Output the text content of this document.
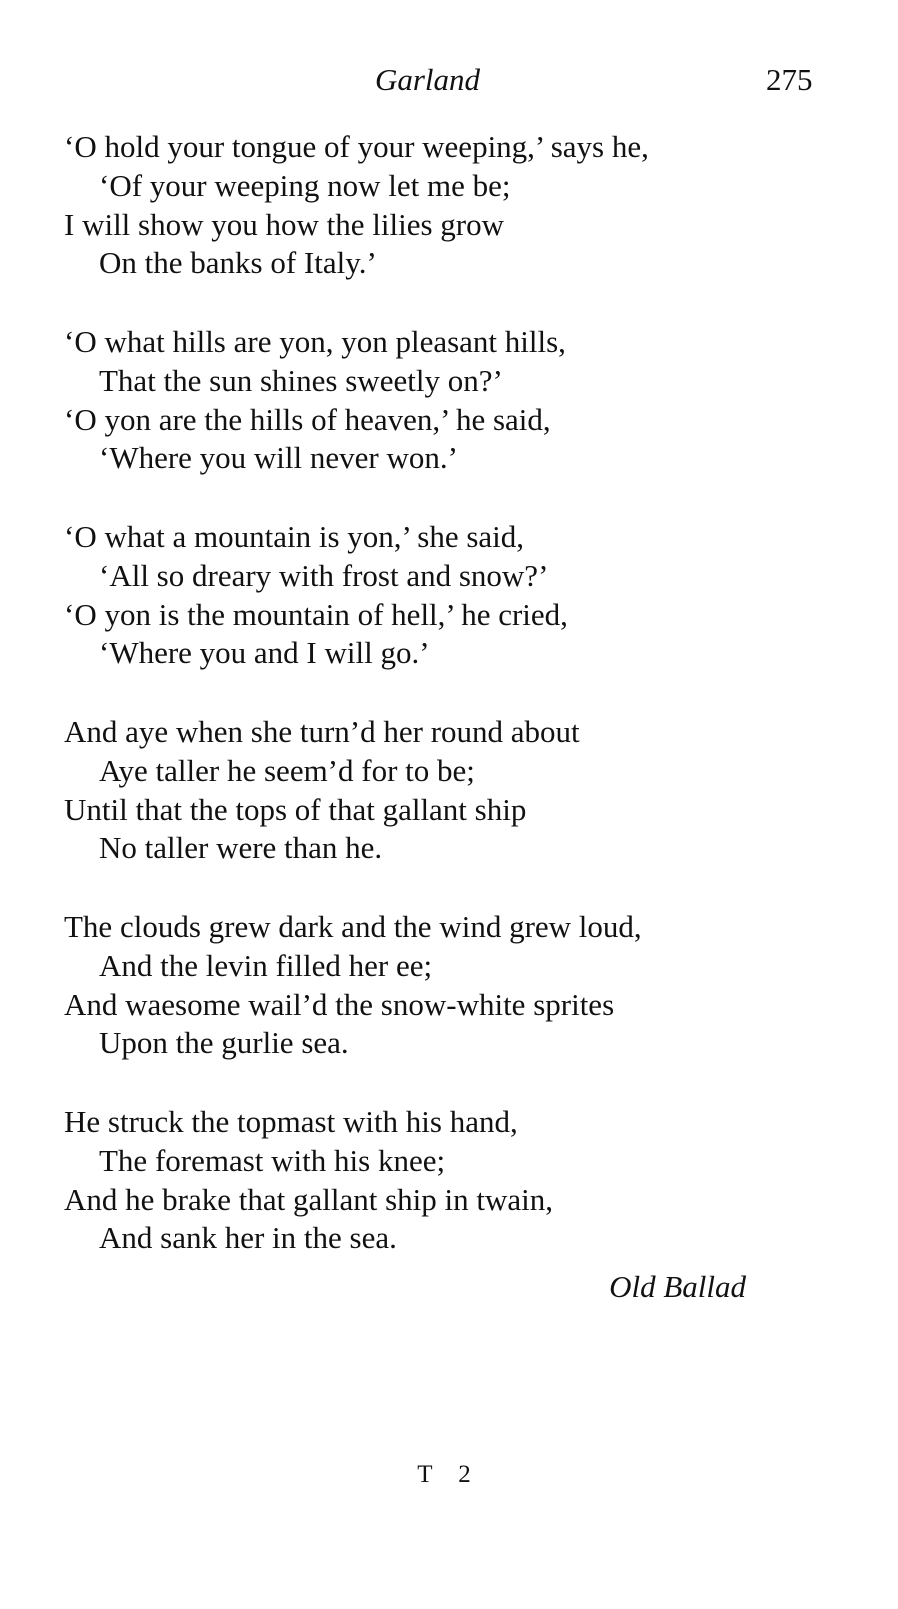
Garland	275
‘O hold your tongue of your weeping,’ says he,
‘Of your weeping now let me be;
I will show you how the lilies grow
On the banks of Italy.’
‘O what hills are yon, yon pleasant hills,
That the sun shines sweetly on?’
‘O yon are the hills of heaven,’ he said,
‘Where you will never won.’
‘O what a mountain is yon,’ she said,
‘All so dreary with frost and snow?’
‘O yon is the mountain of hell,’ he cried,
‘Where you and I will go.’
And aye when she turn’d her round about
Aye taller he seem’d for to be;
Until that the tops of that gallant ship
No taller were than he.
The clouds grew dark and the wind grew loud,
And the levin filled her ee;
And waesome wail’d the snow-white sprites
Upon the gurlie sea.
He struck the topmast with his hand,
The foremast with his knee;
And he brake that gallant ship in twain,
And sank her in the sea.
Old Ballad
T 2
